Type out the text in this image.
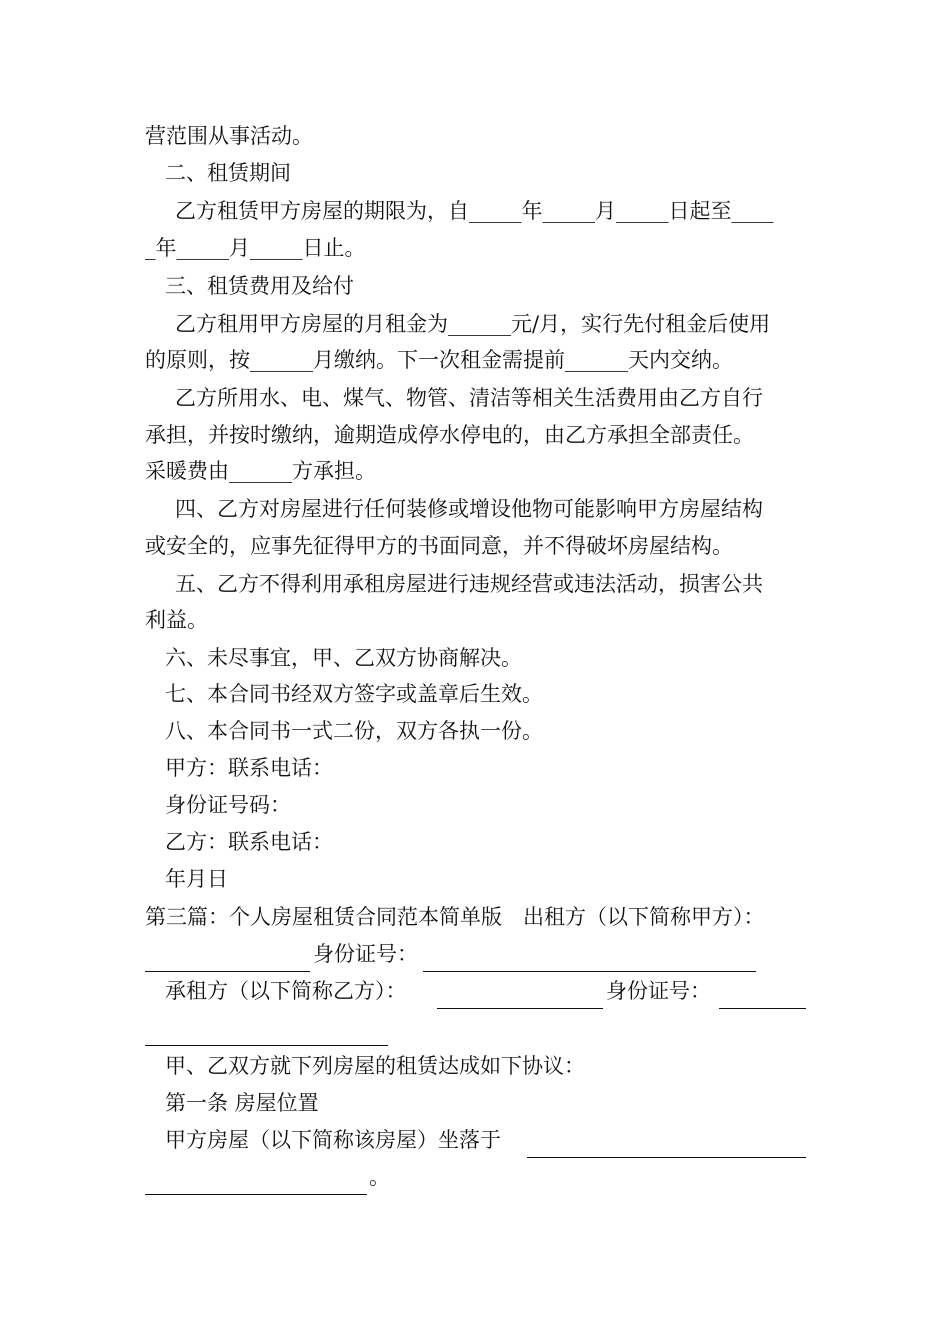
营范围从事活动。

二、租赁期间

乙方租赁甲方房屋的期限为，自_____年_____月_____日起至____

_年_____月_____日止。

三、租赁费用及给付

乙方租用甲方房屋的月租金为______元/月，实行先付租金后使用

的原则，按______月缴纳。下一次租金需提前______天内交纳。

乙方所用水、电、煤气、物管、清洁等相关生活费用由乙方自行

承担，并按时缴纳，逾期造成停水停电的，由乙方承担全部责任。

采暖费由______方承担。

四、乙方对房屋进行任何装修或增设他物可能影响甲方房屋结构

或安全的，应事先征得甲方的书面同意，并不得破坏房屋结构。

五、乙方不得利用承租房屋进行违规经营或违法活动，损害公共

利益。

六、未尽事宜，甲、乙双方协商解决。

七、本合同书经双方签字或盖章后生效。

八、本合同书一式二份，双方各执一份。

甲方：联系电话：

身份证号码：

乙方：联系电话：

年月日

第三篇：个人房屋租赁合同范本简单版　出租方（以下简称甲方）：

身份证号：

承租方（以下简称乙方）：

	身份证号：

甲、乙双方就下列房屋的租赁达成如下协议：

第一条 房屋位置

甲方房屋（以下简称该房屋）坐落于

。
